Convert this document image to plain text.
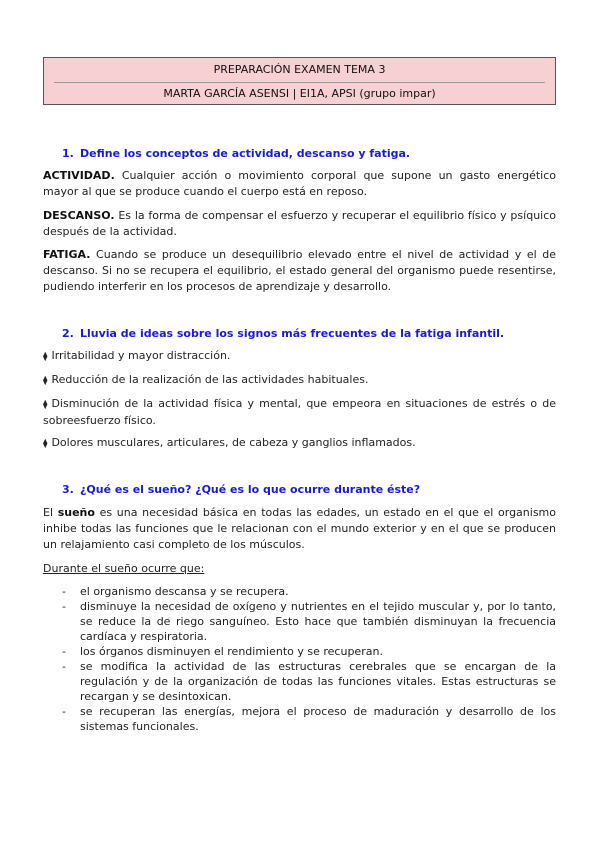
PREPARACIÓN EXAMEN TEMA 3
MARTA GARCÍA ASENSI | EI1A, APSI (grupo impar)
1. Define los conceptos de actividad, descanso y fatiga.
ACTIVIDAD. Cualquier acción o movimiento corporal que supone un gasto energético mayor al que se produce cuando el cuerpo está en reposo.
DESCANSO. Es la forma de compensar el esfuerzo y recuperar el equilibrio físico y psíquico después de la actividad.
FATIGA. Cuando se produce un desequilibrio elevado entre el nivel de actividad y el de descanso. Si no se recupera el equilibrio, el estado general del organismo puede resentirse, pudiendo interferir en los procesos de aprendizaje y desarrollo.
2. Lluvia de ideas sobre los signos más frecuentes de la fatiga infantil.
⧫ Irritabilidad y mayor distracción.
⧫ Reducción de la realización de las actividades habituales.
⧫ Disminución de la actividad física y mental, que empeora en situaciones de estrés o de sobreesfuerzo físico.
⧫ Dolores musculares, articulares, de cabeza y ganglios inflamados.
3. ¿Qué es el sueño? ¿Qué es lo que ocurre durante éste?
El sueño es una necesidad básica en todas las edades, un estado en el que el organismo inhibe todas las funciones que le relacionan con el mundo exterior y en el que se producen un relajamiento casi completo de los músculos.
Durante el sueño ocurre que:
- el organismo descansa y se recupera.
- disminuye la necesidad de oxígeno y nutrientes en el tejido muscular y, por lo tanto, se reduce la de riego sanguíneo. Esto hace que también disminuyan la frecuencia cardíaca y respiratoria.
- los órganos disminuyen el rendimiento y se recuperan.
- se modifica la actividad de las estructuras cerebrales que se encargan de la regulación y de la organización de todas las funciones vitales. Estas estructuras se recargan y se desintoxican.
- se recuperan las energías, mejora el proceso de maduración y desarrollo de los sistemas funcionales.
